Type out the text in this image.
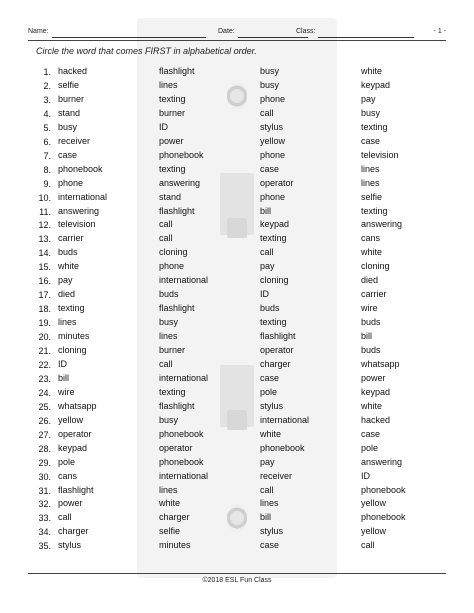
Name:	Date:	Class:	- 1 -
Circle the word that comes FIRST in alphabetical order.
1. hacked	flashlight	busy	white
2. selfie	lines	busy	keypad
3. burner	texting	phone	pay
4. stand	burner	call	busy
5. busy	ID	stylus	texting
6. receiver	power	yellow	case
7. case	phonebook	phone	television
8. phonebook	texting	case	lines
9. phone	answering	operator	lines
10. international	stand	phone	selfie
11. answering	flashlight	bill	texting
12. television	call	keypad	answering
13. carrier	call	texting	cans
14. buds	cloning	call	white
15. white	phone	pay	cloning
16. pay	international	cloning	died
17. died	buds	ID	carrier
18. texting	flashlight	buds	wire
19. lines	busy	texting	buds
20. minutes	lines	flashlight	bill
21. cloning	burner	operator	buds
22. ID	call	charger	whatsapp
23. bill	international	case	power
24. wire	texting	pole	keypad
25. whatsapp	flashlight	stylus	white
26. yellow	busy	international	hacked
27. operator	phonebook	white	case
28. keypad	operator	phonebook	pole
29. pole	phonebook	pay	answering
30. cans	international	receiver	ID
31. flashlight	lines	call	phonebook
32. power	white	lines	yellow
33. call	charger	bill	phonebook
34. charger	selfie	stylus	yellow
35. stylus	minutes	case	call
©2018 ESL Fun Class
